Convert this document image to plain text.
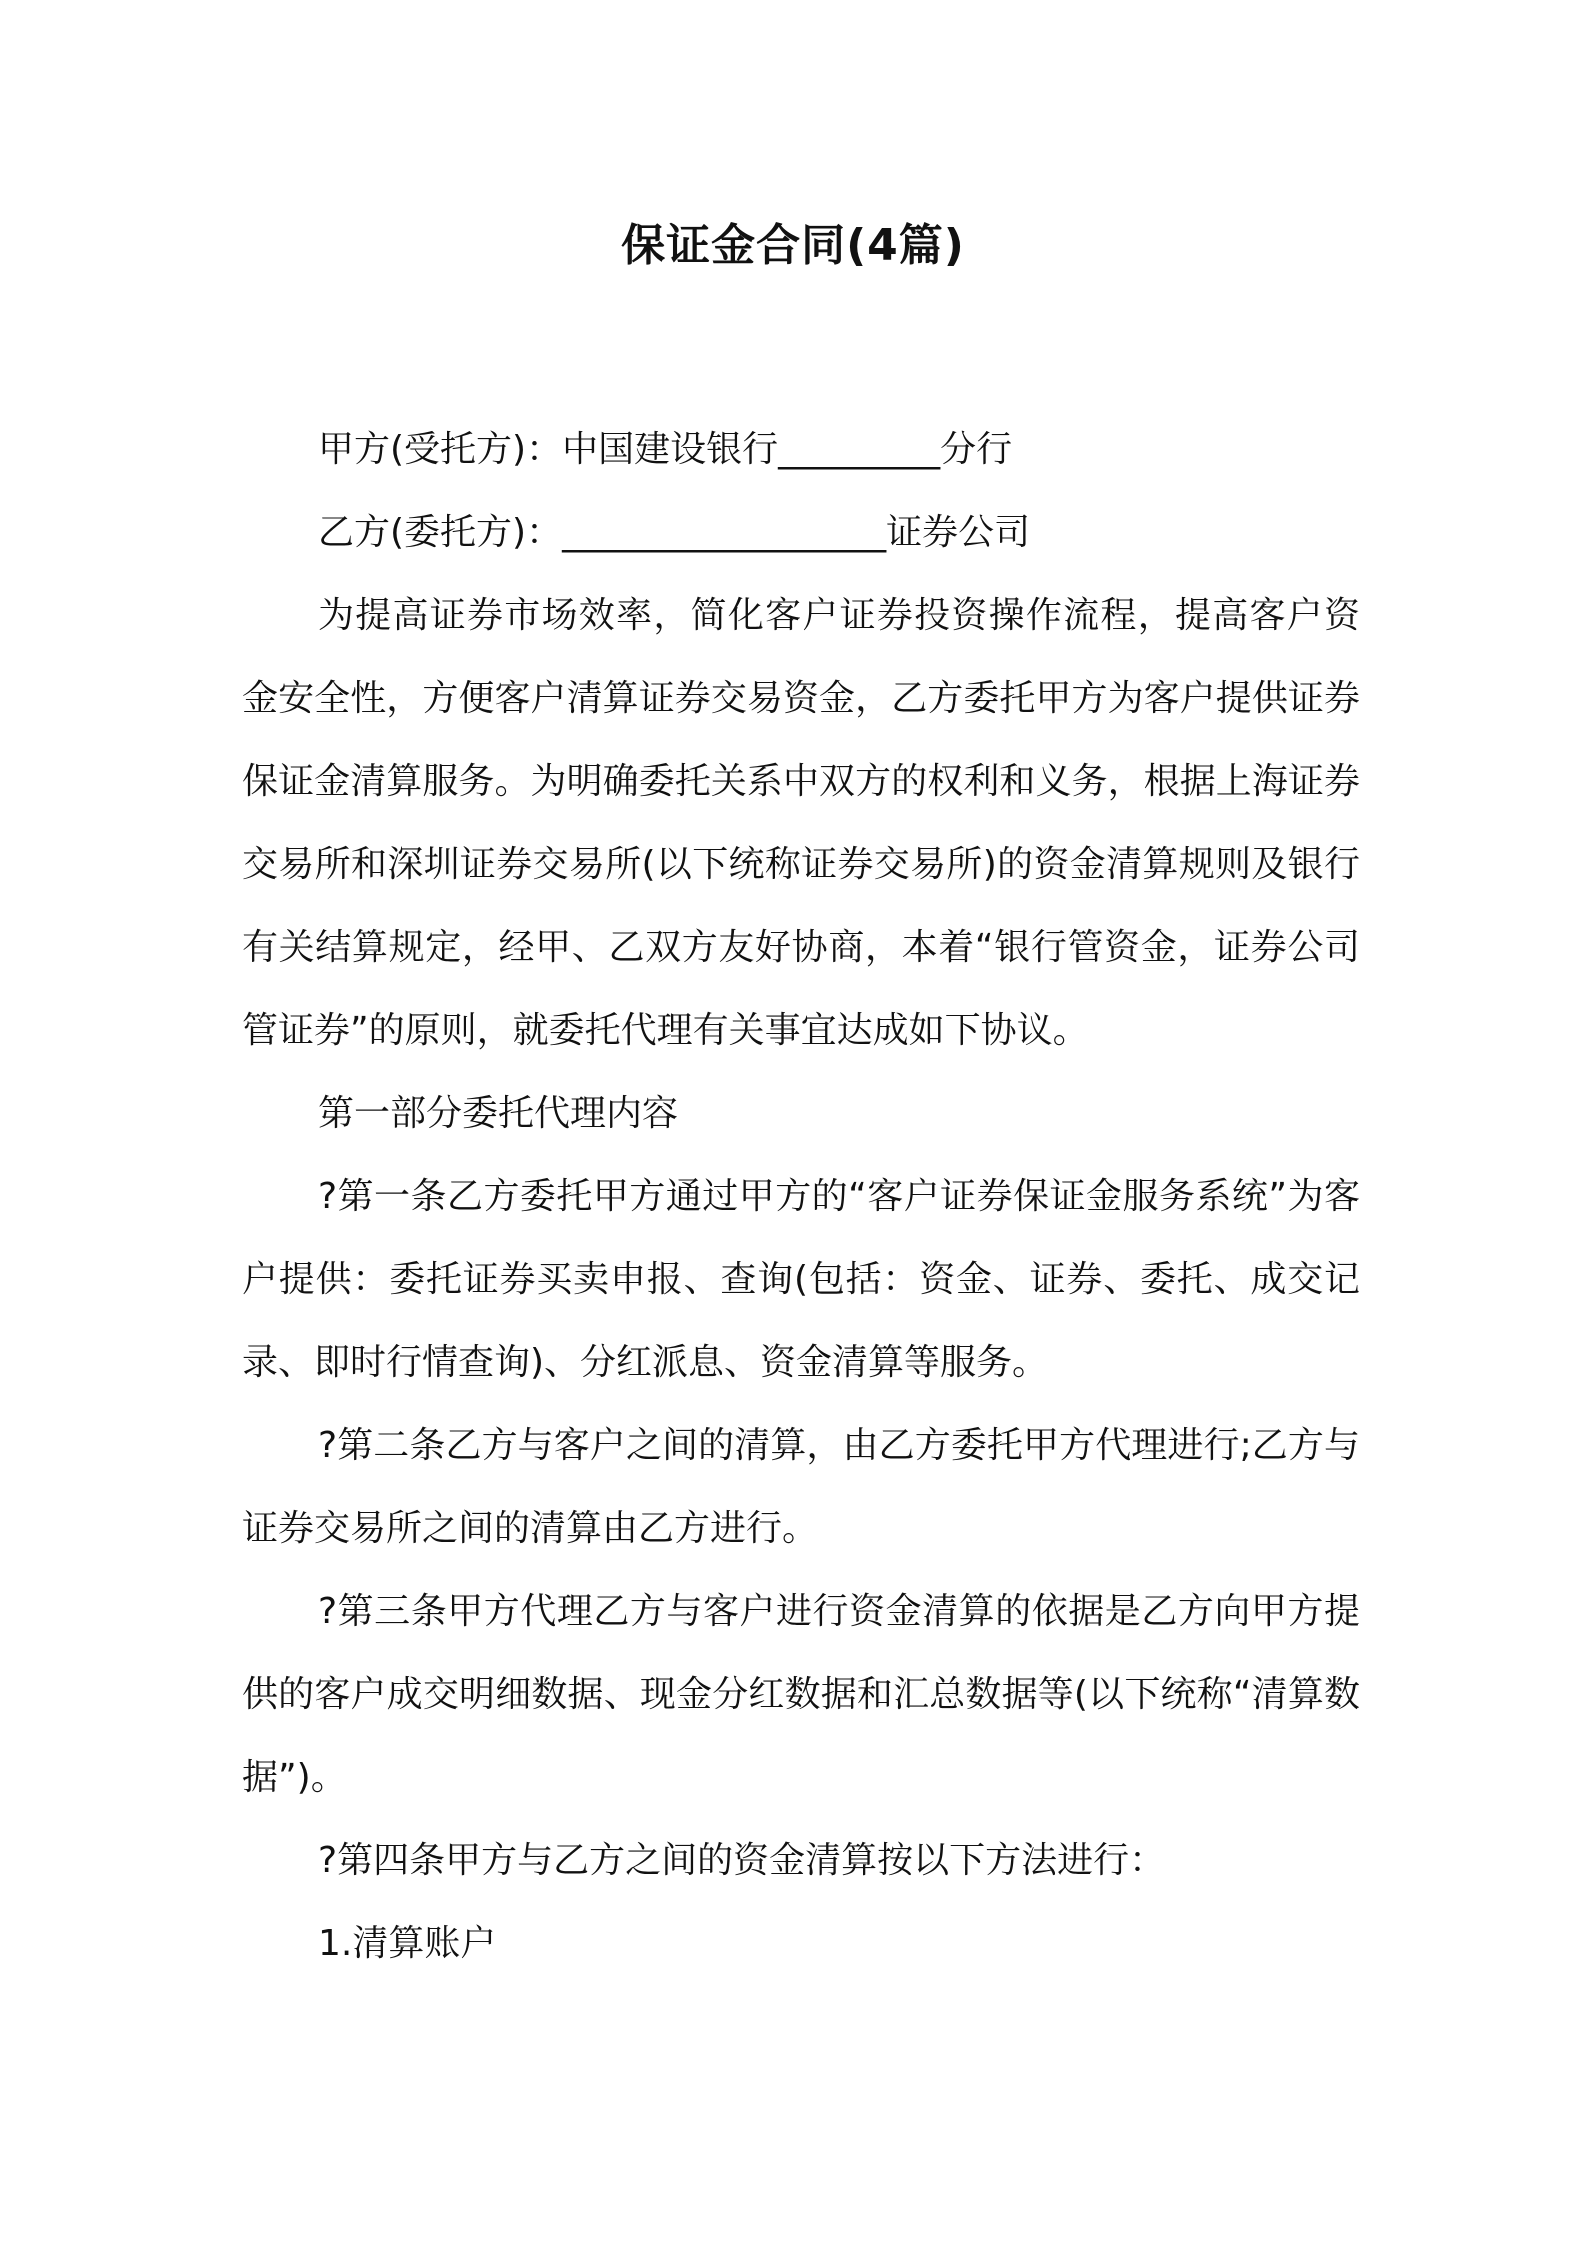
保证金合同(4篇)

甲方(受托方)：中国建设银行_________分行

乙方(委托方)：__________________证券公司

为提高证券市场效率，简化客户证券投资操作流程，提高客户资金安全性，方便客户清算证券交易资金，乙方委托甲方为客户提供证券保证金清算服务。为明确委托关系中双方的权利和义务，根据上海证券交易所和深圳证券交易所(以下统称证券交易所)的资金清算规则及银行有关结算规定，经甲、乙双方友好协商，本着“银行管资金，证券公司管证券”的原则，就委托代理有关事宜达成如下协议。

第一部分委托代理内容

?第一条乙方委托甲方通过甲方的“客户证券保证金服务系统”为客户提供：委托证券买卖申报、查询(包括：资金、证券、委托、成交记录、即时行情查询)、分红派息、资金清算等服务。

?第二条乙方与客户之间的清算，由乙方委托甲方代理进行;乙方与证券交易所之间的清算由乙方进行。

?第三条甲方代理乙方与客户进行资金清算的依据是乙方向甲方提供的客户成交明细数据、现金分红数据和汇总数据等(以下统称“清算数据”)。

?第四条甲方与乙方之间的资金清算按以下方法进行：

1.清算账户
